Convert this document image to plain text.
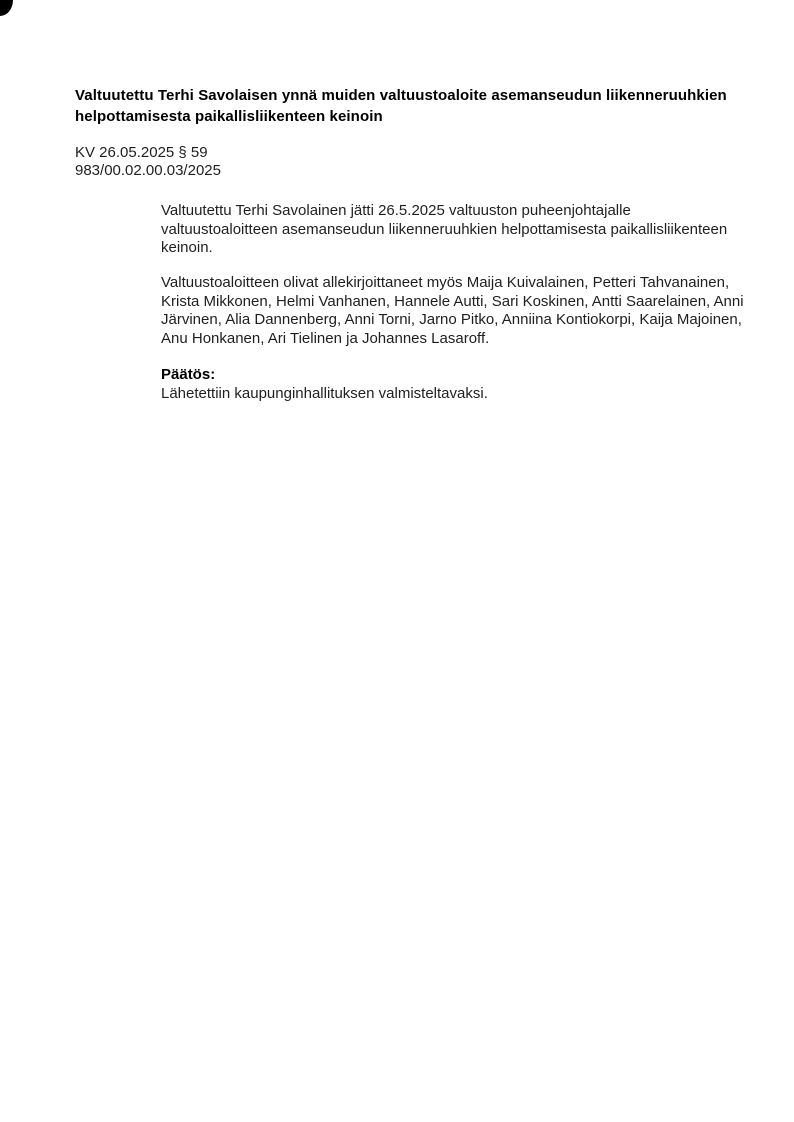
Valtuutettu Terhi Savolaisen ynnä muiden valtuustoaloite asemanseudun liikenneruuhkien
helpottamisesta paikallisliikenteen keinoin
KV 26.05.2025 § 59
983/00.02.00.03/2025
Valtuutettu Terhi Savolainen jätti 26.5.2025 valtuuston puheenjohtajalle
valtuustoaloitteen asemanseudun liikenneruuhkien helpottamisesta paikallisliikenteen
keinoin.
Valtuustoaloitteen olivat allekirjoittaneet myös Maija Kuivalainen, Petteri Tahvanainen,
Krista Mikkonen, Helmi Vanhanen, Hannele Autti, Sari Koskinen, Antti Saarelainen, Anni
Järvinen, Alia Dannenberg, Anni Torni, Jarno Pitko, Anniina Kontiokorpi, Kaija Majoinen,
Anu Honkanen, Ari Tielinen ja Johannes Lasaroff.
Päätös:
Lähetettiin kaupunginhallituksen valmisteltavaksi.
